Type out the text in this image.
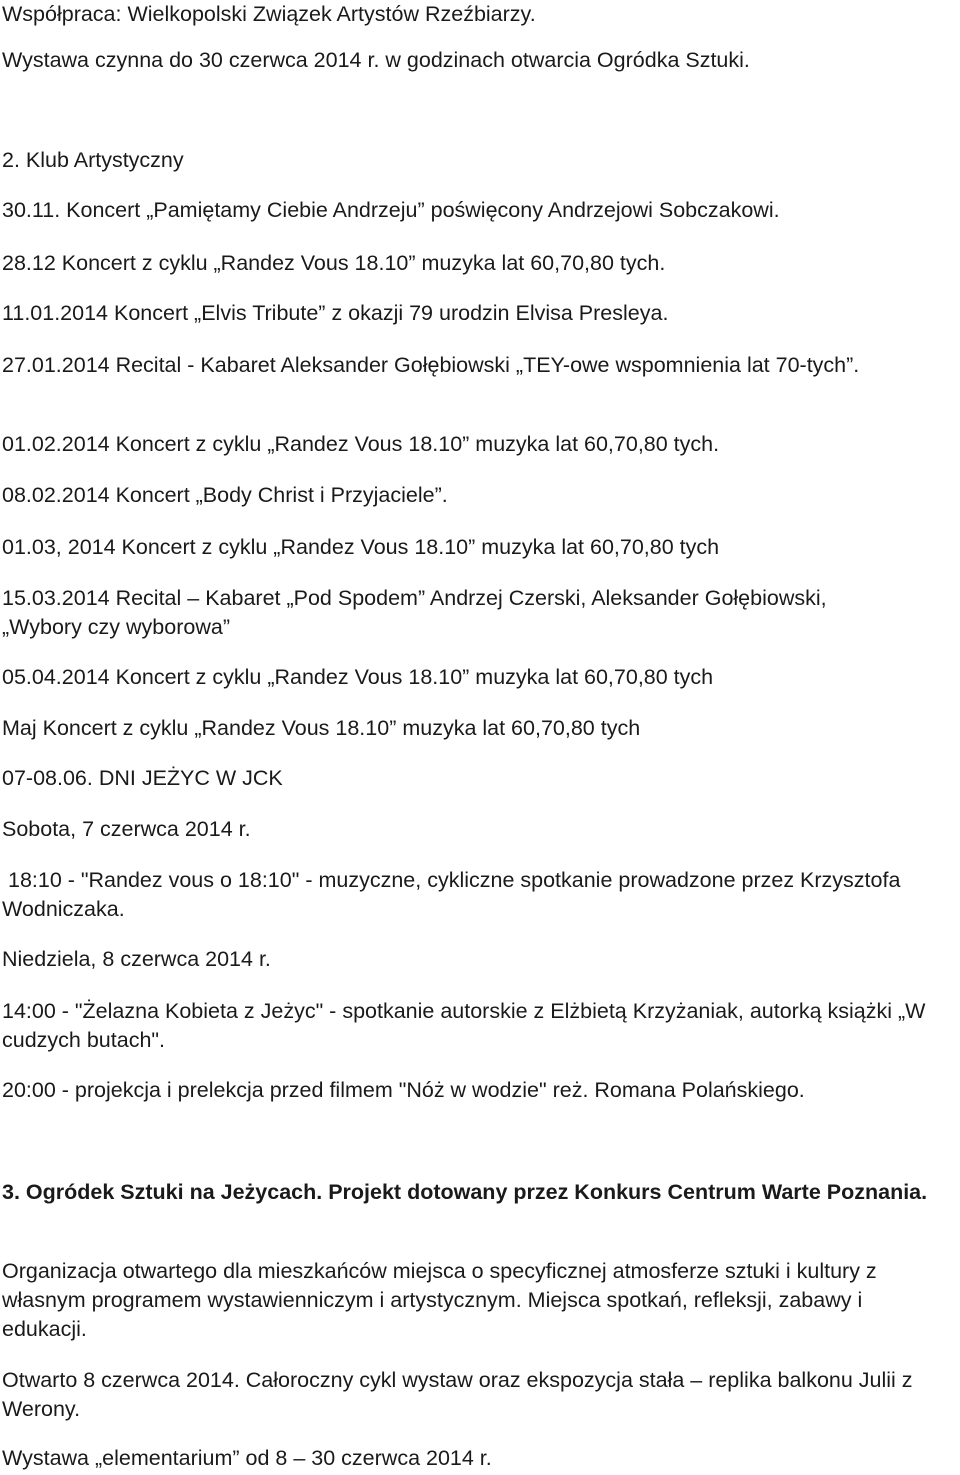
Współpraca: Wielkopolski Związek Artystów Rzeźbiarzy.
Wystawa czynna do 30 czerwca 2014 r. w godzinach otwarcia Ogródka Sztuki.
2. Klub Artystyczny
30.11. Koncert „Pamiętamy Ciebie Andrzeju” poświęcony Andrzejowi Sobczakowi.
28.12 Koncert z cyklu „Randez Vous 18.10” muzyka lat 60,70,80 tych.
11.01.2014 Koncert „Elvis Tribute” z okazji 79 urodzin Elvisa Presleya.
27.01.2014 Recital - Kabaret Aleksander Gołębiowski „TEY-owe wspomnienia lat 70-tych”.
01.02.2014 Koncert z cyklu „Randez Vous 18.10” muzyka lat 60,70,80 tych.
08.02.2014 Koncert „Body Christ i Przyjaciele”.
01.03, 2014 Koncert z cyklu „Randez Vous 18.10” muzyka lat 60,70,80 tych
15.03.2014 Recital – Kabaret „Pod Spodem” Andrzej Czerski, Aleksander Gołębiowski, „Wybory czy wyborowa”
05.04.2014 Koncert z cyklu „Randez Vous 18.10” muzyka lat 60,70,80 tych
Maj Koncert z cyklu „Randez Vous 18.10” muzyka lat 60,70,80 tych
07-08.06. DNI JEŻYC W JCK
Sobota, 7 czerwca 2014 r.
18:10 - "Randez vous o 18:10" - muzyczne, cykliczne spotkanie prowadzone przez Krzysztofa Wodniczaka.
Niedziela, 8 czerwca 2014 r.
14:00 - "Żelazna Kobieta z Jeżyc" - spotkanie autorskie z Elżbietą Krzyżaniak, autorką książki „W cudzych butach".
20:00 - projekcja i prelekcja przed filmem "Nóż w wodzie" reż. Romana Polańskiego.
3. Ogródek Sztuki na Jeżycach. Projekt dotowany przez Konkurs Centrum Warte Poznania.
Organizacja otwartego dla mieszkańców miejsca o specyficznej atmosferze sztuki i kultury z własnym programem wystawienniczym i artystycznym. Miejsca spotkań, refleksji, zabawy i edukacji.
Otwarto 8 czerwca 2014. Całoroczny cykl wystaw oraz ekspozycja stała – replika balkonu Julii z Werony.
Wystawa „elementarium” od 8 – 30 czerwca 2014 r.
